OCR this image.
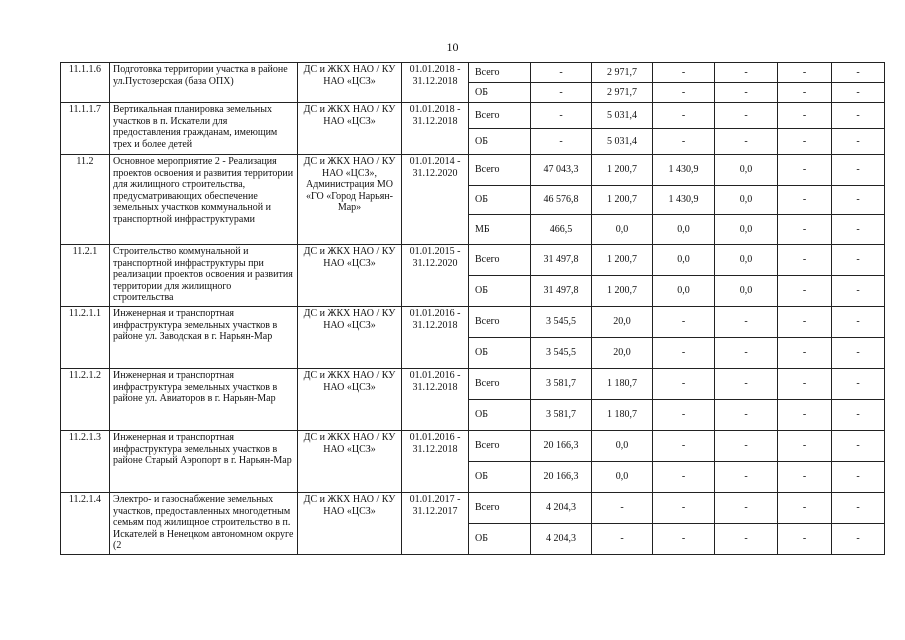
10
11.1.1.6	Подготовка территории участка в районе ул.Пустозерская (база ОПХ)	ДС и ЖКХ НАО / КУ НАО «ЦСЗ»	01.01.2018 - 31.12.2018	Всего	-	2 971,7	-	-	-	-
				ОБ	-	2 971,7	-	-	-	-
11.1.1.7	Вертикальная планировка земельных участков в п. Искатели для предоставления гражданам, имеющим трех и более детей	ДС и ЖКХ НАО / КУ НАО «ЦСЗ»	01.01.2018 - 31.12.2018	Всего	-	5 031,4	-	-	-	-
				ОБ	-	5 031,4	-	-	-	-
11.2	Основное мероприятие 2 - Реализация проектов освоения и развития территории для жилищного строительства, предусматривающих обеспечение земельных участков коммунальной и транспортной инфраструктурами	ДС и ЖКХ НАО / КУ НАО «ЦСЗ», Администрация МО «ГО «Город Нарьян-Мар»	01.01.2014 - 31.12.2020	Всего	47 043,3	1 200,7	1 430,9	0,0	-	-
				ОБ	46 576,8	1 200,7	1 430,9	0,0	-	-
				МБ	466,5	0,0	0,0	0,0	-	-
11.2.1	Строительство коммунальной и транспортной инфраструктуры при реализации проектов освоения и развития территории для жилищного строительства	ДС и ЖКХ НАО / КУ НАО «ЦСЗ»	01.01.2015 - 31.12.2020	Всего	31 497,8	1 200,7	0,0	0,0	-	-
				ОБ	31 497,8	1 200,7	0,0	0,0	-	-
11.2.1.1	Инженерная и транспортная инфраструктура земельных участков в районе ул. Заводская в г. Нарьян-Мар	ДС и ЖКХ НАО / КУ НАО «ЦСЗ»	01.01.2016 - 31.12.2018	Всего	3 545,5	20,0	-	-	-	-
				ОБ	3 545,5	20,0	-	-	-	-
11.2.1.2	Инженерная и транспортная инфраструктура земельных участков в районе ул. Авиаторов в г. Нарьян-Мар	ДС и ЖКХ НАО / КУ НАО «ЦСЗ»	01.01.2016 - 31.12.2018	Всего	3 581,7	1 180,7	-	-	-	-
				ОБ	3 581,7	1 180,7	-	-	-	-
11.2.1.3	Инженерная и транспортная инфраструктура земельных участков в районе Старый Аэропорт в г. Нарьян-Мар	ДС и ЖКХ НАО / КУ НАО «ЦСЗ»	01.01.2016 - 31.12.2018	Всего	20 166,3	0,0	-	-	-	-
				ОБ	20 166,3	0,0	-	-	-	-
11.2.1.4	Электро- и газоснабжение земельных участков, предоставленных многодетным семьям под жилищное строительство в п. Искателей в Ненецком автономном округе (2	ДС и ЖКХ НАО / КУ НАО «ЦСЗ»	01.01.2017 - 31.12.2017	Всего	4 204,3	-	-	-	-	-
				ОБ	4 204,3	-	-	-	-	-
